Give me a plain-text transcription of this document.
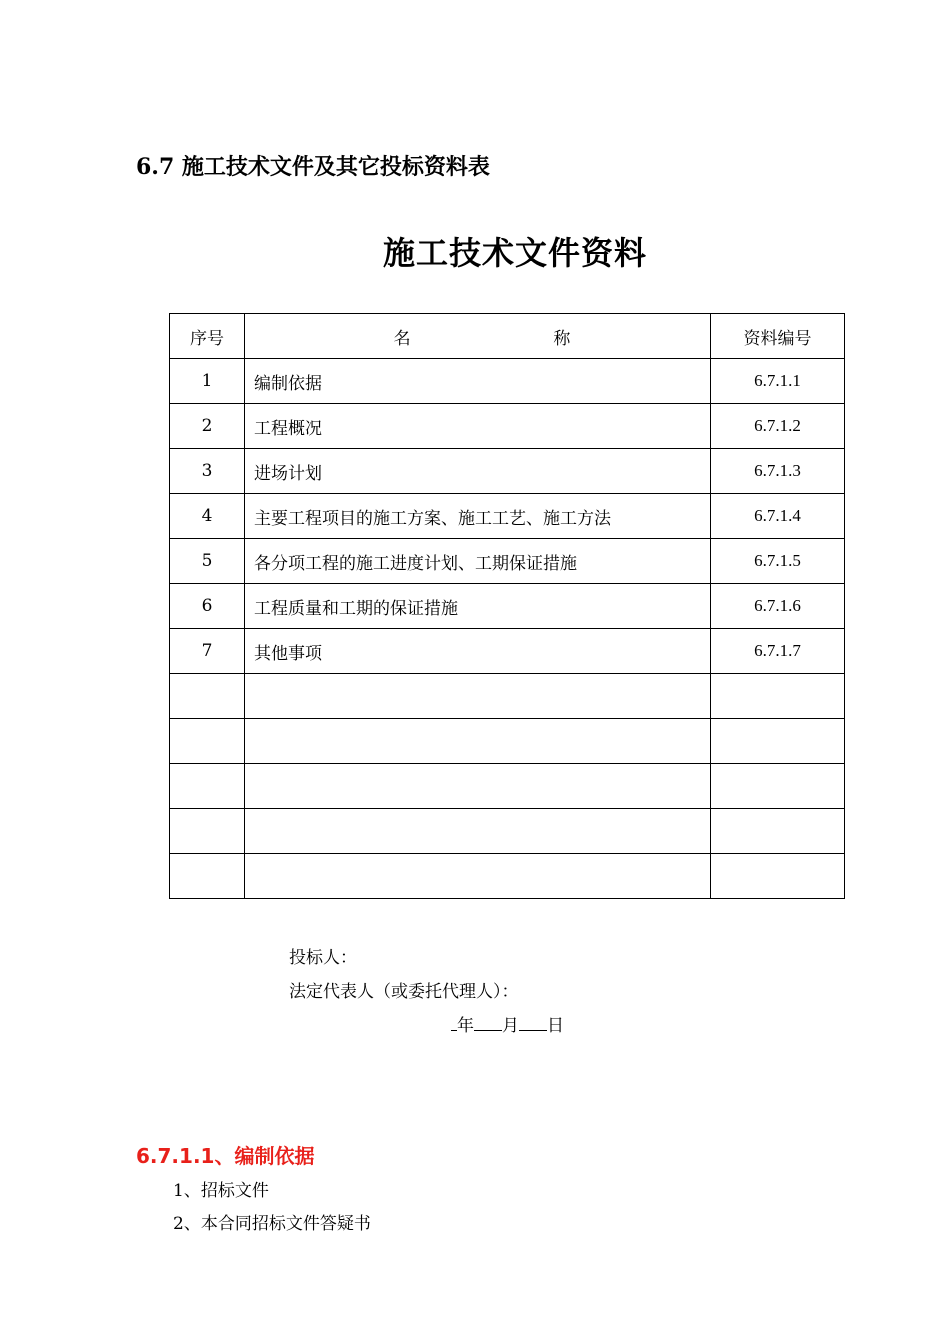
6.7 施工技术文件及其它投标资料表
施工技术文件资料
序号	名 称	资料编号
1	编制依据	6.7.1.1
2	工程概况	6.7.1.2
3	进场计划	6.7.1.3
4	主要工程项目的施工方案、施工工艺、施工方法	6.7.1.4
5	各分项工程的施工进度计划、工期保证措施	6.7.1.5
6	工程质量和工期的保证措施	6.7.1.6
7	其他事项	6.7.1.7

投标人：
法定代表人（或委托代理人）：
年 月 日
6.7.1.1、编制依据
1、招标文件
2、本合同招标文件答疑书
